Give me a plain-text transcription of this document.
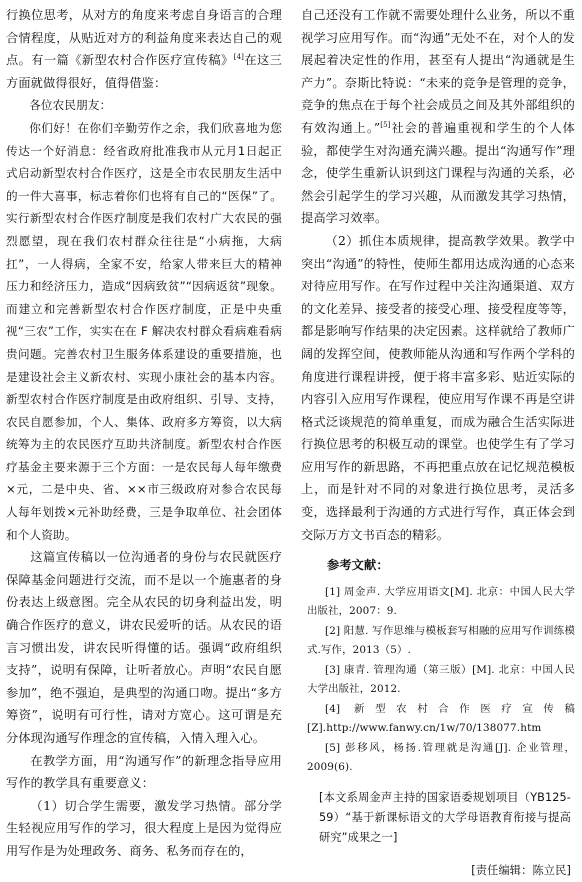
行换位思考，从对方的角度来考虑自身语言的合理合情程度，从贴近对方的利益角度来表达自己的观点。有一篇《新型农村合作医疗宣传稿》[4]在这三方面就做得很好，值得借鉴：

各位农民朋友：

你们好！在你们辛勤劳作之余，我们欣喜地为您传达一个好消息：经省政府批准我市从元月1日起正式启动新型农村合作医疗，这是全市农民朋友生活中的一件大喜事，标志着你们也将有自己的“医保”了。实行新型农村合作医疗制度是我们农村广大农民的强烈愿望，现在我们农村群众往往是“小病拖，大病扛”，一人得病，全家不安，给家人带来巨大的精神压力和经济压力，造成“因病致贫”“因病返贫”现象。而建立和完善新型农村合作医疗制度，正是中央重视“三农”工作，实实在在 F 解决农村群众看病难看病贵问题。完善农村卫生服务体系建设的重要措施，也是建设社会主义新农村、实现小康社会的基本内容。新型农村合作医疗制度是由政府组织、引导、支持，农民自愿参加，个人、集体、政府多方筹资，以大病统筹为主的农民医疗互助共济制度。新型农村合作医疗基金主要来源于三个方面：一是农民每人每年缴费×元，二是中央、省、××市三级政府对参合农民每人每年划拨×元补助经费，三是争取单位、社会团体和个人资助。

这篇宣传稿以一位沟通者的身份与农民就医疗保障基金问题进行交流，而不是以一个施惠者的身份表达上级意图。完全从农民的切身利益出发，明确合作医疗的意义，讲农民爱听的话。从农民的语言习惯出发，讲农民听得懂的话。强调“政府组织支持”，说明有保障，让听者放心。声明“农民自愿参加”，绝不强迫，是典型的沟通口吻。提出“多方筹资”，说明有可行性，请对方宽心。这可谓是充分体现沟通写作理念的宣传稿，入情入理入心。

在教学方面，用“沟通写作”的新理念指导应用写作的教学具有重要意义：

（1）切合学生需要，激发学习热情。部分学生轻视应用写作的学习，很大程度上是因为觉得应用写作是为处理政务、商务、私务而存在的，

自己还没有工作就不需要处理什么业务，所以不重视学习应用写作。而“沟通”无处不在，对个人的发展起着决定性的作用，甚至有人提出“沟通就是生产力”。奈斯比特说：“未来的竞争是管理的竞争，竞争的焦点在于每个社会成员之间及其外部组织的有效沟通上。”[5]社会的普遍重视和学生的个人体验，都使学生对沟通充满兴趣。提出“沟通写作”理念，使学生重新认识到这门课程与沟通的关系，必然会引起学生的学习兴趣，从而激发其学习热情，提高学习效率。

（2）抓住本质规律，提高教学效果。教学中突出“沟通”的特性，使师生都用达成沟通的心态来对待应用写作。在写作过程中关注沟通渠道、双方的文化差异、接受者的接受心理、接受程度等等，都是影响写作结果的决定因素。这样就给了教师广阔的发挥空间，使教师能从沟通和写作两个学科的角度进行课程讲授，便于将丰富多彩、贴近实际的内容引入应用写作课程，使应用写作课不再是空讲格式泛谈规范的简单重复，而成为融合生活实际进行换位思考的积极互动的课堂。也使学生有了学习应用写作的新思路，不再把重点放在记忆规范模板上，而是针对不同的对象进行换位思考，灵活多变，选择最利于沟通的方式进行写作，真正体会到交际万方文书百态的精彩。

参考文献：

[1] 周金声. 大学应用语文[M]. 北京：中国人民大学出版社，2007：9.

[2] 阳慧. 写作思维与模板套写相融的应用写作训练模式.写作，2013（5）.

[3] 康青. 管理沟通（第三版）[M]. 北京：中国人民大学出版社，2012.

[4] 新型农村合作医疗宣传稿[Z].http://www.fanwy.cn/1w/70/138077.htm

[5] 彭移风，杨扬.管理就是沟通[J]. 企业管理，2009(6).

[本文系周金声主持的国家语委规划项目（YB125-59）“基于新课标语文的大学母语教育衔接与提高研究”成果之一]

[责任编辑：陈立民]
